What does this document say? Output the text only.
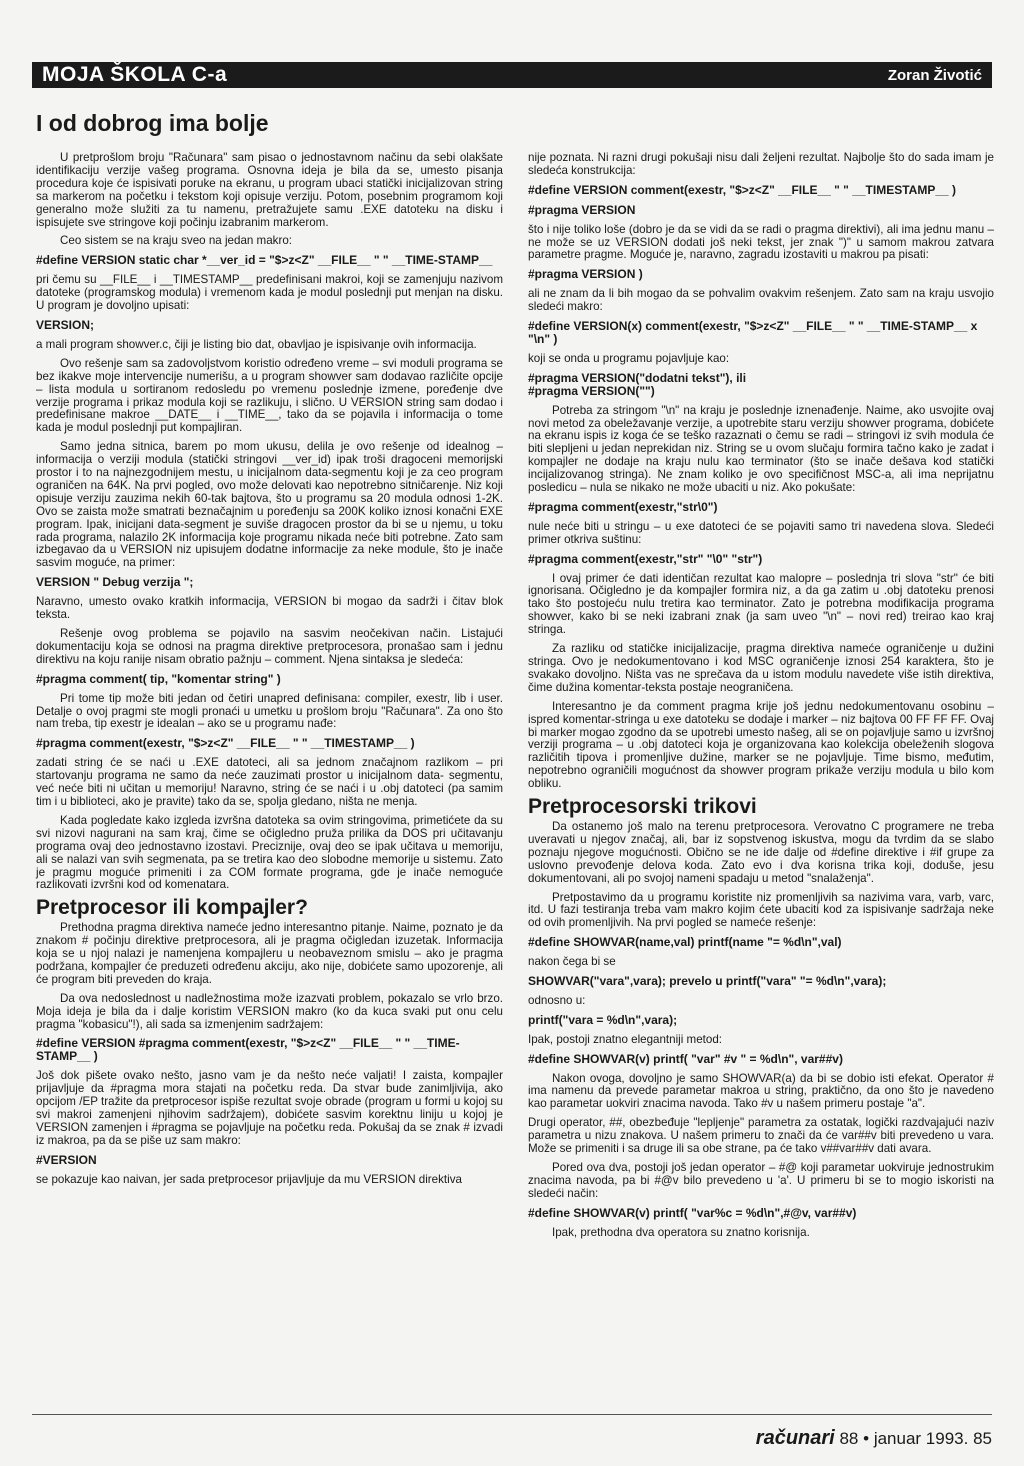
MOJA ŠKOLA C-a	Zoran Životić
I od dobrog ima bolje

U pretprošlom broju "Računara" sam pisao o jednostavnom načinu da sebi olakšate identifikaciju verzije vašeg programa. Osnovna ideja je bila da se, umesto pisanja procedura koje će ispisivati poruke na ekranu, u program ubaci statički inicijalizovan string sa markerom na početku i tekstom koji opisuje verziju. Potom, posebnim programom koji generalno može služiti za tu namenu, pretražujete samu .EXE datoteku na disku i ispisujete sve stringove koji počinju izabranim markerom.

Ceo sistem se na kraju sveo na jedan makro:

#define VERSION static char *__ver_id = "$>z<Z" __FILE__ " " __TIME-STAMP__

pri čemu su __FILE__ i __TIMESTAMP__ predefinisani makroi, koji se zamenjuju nazivom datoteke (programskog modula) i vremenom kada je modul poslednji put menjan na disku. U program je dovoljno upisati:

VERSION;

a mali program showver.c, čiji je listing bio dat, obavljao je ispisivanje ovih informacija.

Ovo rešenje sam sa zadovoljstvom koristio određeno vreme – svi moduli programa se bez ikakve moje intervencije numerišu, a u program showver sam dodavao različite opcije – lista modula u sortiranom redosledu po vremenu poslednje izmene, poređenje dve verzije programa i prikaz modula koji se razlikuju, i slično. U VERSION string sam dodao i predefinisane makroe __DATE__ i __TIME__, tako da se pojavila i informacija o tome kada je modul poslednji put kompajliran.

Samo jedna sitnica, barem po mom ukusu, delila je ovo rešenje od idealnog – informacija o verziji modula (statički stringovi __ver_id) ipak troši dragoceni memorijski prostor i to na najnezgodnijem mestu, u inicijalnom data-segmentu koji je za ceo program ograničen na 64K. Na prvi pogled, ovo može delovati kao nepotrebno sitničarenje. Niz koji opisuje verziju zauzima nekih 60-tak bajtova, što u programu sa 20 modula odnosi 1-2K. Ovo se zaista može smatrati beznačajnim u poređenju sa 200K koliko iznosi konačni EXE program. Ipak, inicijani data-segment je suviše dragocen prostor da bi se u njemu, u toku rada programa, nalazilo 2K informacija koje programu nikada neće biti potrebne. Zato sam izbegavao da u VERSION niz upisujem dodatne informacije za neke module, što je inače sasvim moguće, na primer:

VERSION " Debug verzija ";

Naravno, umesto ovako kratkih informacija, VERSION bi mogao da sadrži i čitav blok teksta.

Rešenje ovog problema se pojavilo na sasvim neočekivan način. Listajući dokumentaciju koja se odnosi na pragma direktive pretprocesora, pronašao sam i jednu direktivu na koju ranije nisam obratio pažnju – comment. Njena sintaksa je sledeća:

#pragma comment( tip, "komentar string" )

Pri tome tip može biti jedan od četiri unapred definisana: compiler, exestr, lib i user. Detalje o ovoj pragmi ste mogli pronaći u umetku u prošlom broju "Računara". Za ono što nam treba, tip exestr je idealan – ako se u programu nađe:

#pragma comment(exestr, "$>z<Z" __FILE__ " " __TIMESTAMP__ )

zadati string će se naći u .EXE datoteci, ali sa jednom značajnom razlikom – pri startovanju programa ne samo da neće zauzimati prostor u inicijalnom data- segmentu, već neće biti ni učitan u memoriju! Naravno, string će se naći i u .obj datoteci (pa samim tim i u biblioteci, ako je pravite) tako da se, spolja gledano, ništa ne menja.

Kada pogledate kako izgleda izvršna datoteka sa ovim stringovima, primetićete da su svi nizovi nagurani na sam kraj, čime se očigledno pruža prilika da DOS pri učitavanju programa ovaj deo jednostavno izostavi. Preciznije, ovaj deo se ipak učitava u memoriju, ali se nalazi van svih segmenata, pa se tretira kao deo slobodne memorije u sistemu. Zato je pragmu moguće primeniti i za COM formate programa, gde je inače nemoguće razlikovati izvršni kod od komenatara.

Pretprocesor ili kompajler?

Prethodna pragma direktiva nameće jedno interesantno pitanje. Naime, poznato je da znakom # počinju direktive pretprocesora, ali je pragma očigledan izuzetak. Informacija koja se u njoj nalazi je namenjena kompajleru u neobaveznom smislu – ako je pragma podržana, kompajler će preduzeti određenu akciju, ako nije, dobićete samo upozorenje, ali će program biti preveden do kraja.

Da ova nedoslednost u nadležnostima može izazvati problem, pokazalo se vrlo brzo. Moja ideja je bila da i dalje koristim VERSION makro (ko da kuca svaki put onu celu pragma "kobasicu"!), ali sada sa izmenjenim sadržajem:

#define VERSION #pragma comment(exestr, "$>z<Z" __FILE__ " " __TIME-STAMP__ )

Još dok pišete ovako nešto, jasno vam je da nešto neće valjati! I zaista, kompajler prijavljuje da #pragma mora stajati na početku reda. Da stvar bude zanimljivija, ako opcijom /EP tražite da pretprocesor ispiše rezultat svoje obrade (program u formi u kojoj su svi makroi zamenjeni njihovim sadržajem), dobićete sasvim korektnu liniju u kojoj je VERSION zamenjen i #pragma se pojavljuje na početku reda. Pokušaj da se znak # izvadi iz makroa, pa da se piše uz sam makro:

#VERSION

se pokazuje kao naivan, jer sada pretprocesor prijavljuje da mu VERSION direktiva

nije poznata. Ni razni drugi pokušaji nisu dali željeni rezultat. Najbolje što do sada imam je sledeća konstrukcija:

#define VERSION comment(exestr, "$>z<Z" __FILE__ " " __TIMESTAMP__ )
#pragma VERSION

što i nije toliko loše (dobro je da se vidi da se radi o pragma direktivi), ali ima jednu manu – ne može se uz VERSION dodati još neki tekst, jer znak ")" u samom makrou zatvara parametre pragme. Moguće je, naravno, zagradu izostaviti u makrou pa pisati:

#pragma VERSION )

ali ne znam da li bih mogao da se pohvalim ovakvim rešenjem. Zato sam na kraju usvojio sledeći makro:

#define VERSION(x) comment(exestr, "$>z<Z" __FILE__ " " __TIME-STAMP__ x "\n" )

koji se onda u programu pojavljuje kao:

#pragma VERSION("dodatni tekst"), ili
#pragma VERSION("")

Potreba za stringom "\n" na kraju je poslednje iznenađenje. Naime, ako usvojite ovaj novi metod za obeležavanje verzije, a upotrebite staru verziju showver programa, dobićete na ekranu ispis iz koga će se teško razaznati o čemu se radi – stringovi iz svih modula će biti slepljeni u jedan neprekidan niz. String se u ovom slučaju formira tačno kako je zadat i kompajler ne dodaje na kraju nulu kao terminator (što se inače dešava kod statički incijalizovanog stringa). Ne znam koliko je ovo specifičnost MSC-a, ali ima neprijatnu posledicu – nula se nikako ne može ubaciti u niz. Ako pokušate:

#pragma comment(exestr,"str\0")

nule neće biti u stringu – u exe datoteci će se pojaviti samo tri navedena slova. Sledeći primer otkriva suštinu:

#pragma comment(exestr,"str" "\0" "str")

I ovaj primer će dati identičan rezultat kao malopre – poslednja tri slova "str" će biti ignorisana. Očigledno je da kompajler formira niz, a da ga zatim u .obj datoteku prenosi tako što postojeću nulu tretira kao terminator. Zato je potrebna modifikacija programa showver, kako bi se neki izabrani znak (ja sam uveo "\n" – novi red) treirao kao kraj stringa.

Za razliku od statičke inicijalizacije, pragma direktiva nameće ograničenje u dužini stringa. Ovo je nedokumentovano i kod MSC ograničenje iznosi 254 karaktera, što je svakako dovoljno. Ništa vas ne sprečava da u istom modulu navedete više istih direktiva, čime dužina komentar-teksta postaje neograničena.

Interesantno je da comment pragma krije još jednu nedokumentovanu osobinu – ispred komentar-stringa u exe datoteku se dodaje i marker – niz bajtova 00 FF FF FF. Ovaj bi marker mogao zgodno da se upotrebi umesto našeg, ali se on pojavljuje samo u izvršnoj verziji programa – u .obj datoteci koja je organizovana kao kolekcija obeleženih slogova različitih tipova i promenljive dužine, marker se ne pojavljuje. Time bismo, međutim, nepotrebno ograničili mogućnost da showver program prikaže verziju modula u bilo kom obliku.

Pretprocesorski trikovi

Da ostanemo još malo na terenu pretprocesora. Verovatno C programere ne treba uveravati u njegov značaj, ali, bar iz sopstvenog iskustva, mogu da tvrdim da se slabo poznaju njegove mogućnosti. Obično se ne ide dalje od #define direktive i #if grupe za uslovno prevođenje delova koda. Zato evo i dva korisna trika koji, doduše, jesu dokumentovani, ali po svojoj nameni spadaju u metod "snalaženja".

Pretpostavimo da u programu koristite niz promenljivih sa nazivima vara, varb, varc, itd. U fazi testiranja treba vam makro kojim ćete ubaciti kod za ispisivanje sadržaja neke od ovih promenljivih. Na prvi pogled se nameće rešenje:

#define SHOWVAR(name,val) printf(name "= %d\n",val)

nakon čega bi se

SHOWVAR("vara",vara); prevelo u printf("vara" "= %d\n",vara);

odnosno u:

printf("vara = %d\n",vara);

Ipak, postoji znatno elegantniji metod:

#define SHOWVAR(v) printf( "var" #v " = %d\n", var##v)

Nakon ovoga, dovoljno je samo SHOWVAR(a) da bi se dobio isti efekat. Operator # ima namenu da prevede parametar makroa u string, praktično, da ono što je navedeno kao parametar uokviri znacima navoda. Tako #v u našem primeru postaje "a".

Drugi operator, ##, obezbeđuje "lepljenje" parametra za ostatak, logički razdvajajući naziv parametra u nizu znakova. U našem primeru to znači da će var##v biti prevedeno u vara. Može se primeniti i sa druge ili sa obe strane, pa će tako v##var##v dati avara.

Pored ova dva, postoji još jedan operator – #@ koji parametar uokviruje jednostrukim znacima navoda, pa bi #@v bilo prevedeno u 'a'. U primeru bi se to mogio iskoristi na sledeći način:

#define SHOWVAR(v) printf( "var%c = %d\n",#@v, var##v)

Ipak, prethodna dva operatora su znatno korisnija.

računari 88 • januar 1993. 85
